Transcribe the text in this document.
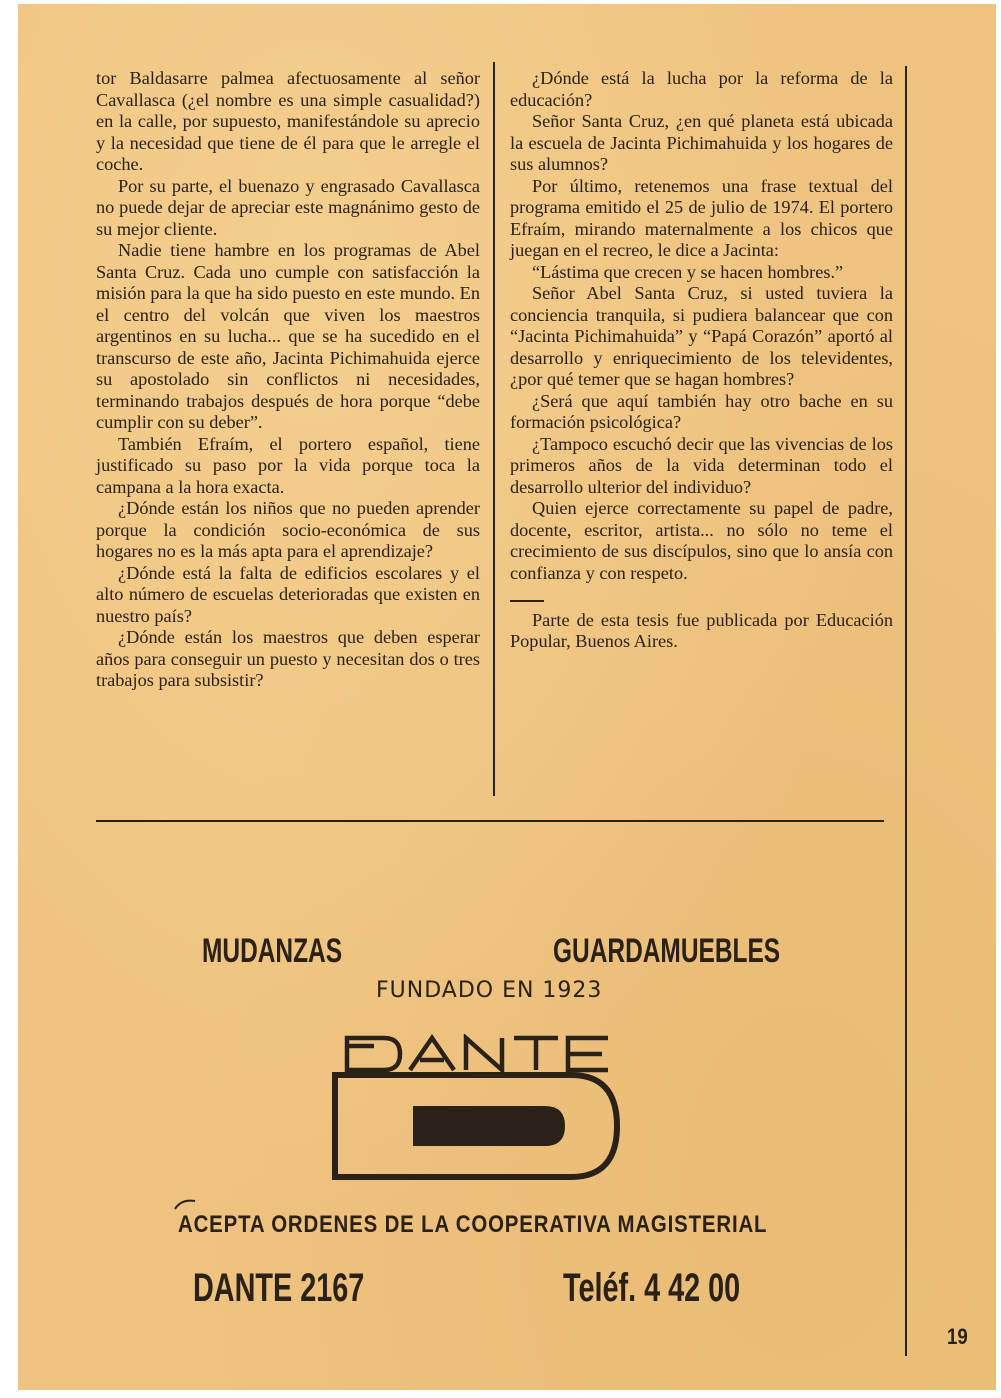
tor Baldasarre palmea afectuosamente al señor Cavallasca (¿el nombre es una simple casualidad?) en la calle, por supuesto, manifestándole su aprecio y la necesidad que tiene de él para que le arregle el coche.

Por su parte, el buenazo y engrasado Cavallasca no puede dejar de apreciar este magnánimo gesto de su mejor cliente.

Nadie tiene hambre en los programas de Abel Santa Cruz. Cada uno cumple con satisfacción la misión para la que ha sido puesto en este mundo. En el centro del volcán que viven los maestros argentinos en su lucha... que se ha sucedido en el transcurso de este año, Jacinta Pichimahuida ejerce su apostolado sin conflictos ni necesidades, terminando trabajos después de hora porque “debe cumplir con su deber”.

También Efraím, el portero español, tiene justificado su paso por la vida porque toca la campana a la hora exacta.

¿Dónde están los niños que no pueden aprender porque la condición socio-económica de sus hogares no es la más apta para el aprendizaje?

¿Dónde está la falta de edificios escolares y el alto número de escuelas deterioradas que existen en nuestro país?

¿Dónde están los maestros que deben esperar años para conseguir un puesto y necesitan dos o tres trabajos para subsistir?

¿Dónde está la lucha por la reforma de la educación?

Señor Santa Cruz, ¿en qué planeta está ubicada la escuela de Jacinta Pichimahuida y los hogares de sus alumnos?

Por último, retenemos una frase textual del programa emitido el 25 de julio de 1974. El portero Efraím, mirando maternalmente a los chicos que juegan en el recreo, le dice a Jacinta:

“Lástima que crecen y se hacen hombres.”

Señor Abel Santa Cruz, si usted tuviera la conciencia tranquila, si pudiera balancear que con “Jacinta Pichimahuida” y “Papá Corazón” aportó al desarrollo y enriquecimiento de los televidentes, ¿por qué temer que se hagan hombres?

¿Será que aquí también hay otro bache en su formación psicológica?

¿Tampoco escuchó decir que las vivencias de los primeros años de la vida determinan todo el desarrollo ulterior del individuo?

Quien ejerce correctamente su papel de padre, docente, escritor, artista... no sólo no teme el crecimiento de sus discípulos, sino que lo ansía con confianza y con respeto.

Parte de esta tesis fue publicada por Educación Popular, Buenos Aires.

MUDANZAS	GUARDAMUEBLES
FUNDADO EN 1923
ACEPTA ORDENES DE LA COOPERATIVA MAGISTERIAL
DANTE 2167	Teléf. 4 42 00
19
